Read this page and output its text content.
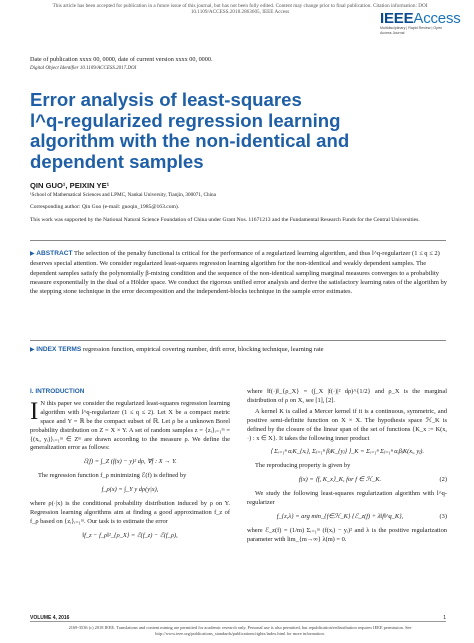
This article has been accepted for publication in a future issue of this journal, but has not been fully edited. Content may change prior to final publication. Citation information: DOI
10.1109/ACCESS.2018.2863605, IEEE Access	IEEEAccess
Multidisciplinary | Rapid Review | Open Access Journal
Date of publication xxxx 00, 0000, date of current version xxxx 00, 0000.
Digital Object Identifier 10.1109/ACCESS.2017.DOI
Error analysis of least-squares
l^q-regularized regression learning
algorithm with the non-identical and
dependent samples
QIN GUO¹, PEIXIN YE¹
¹School of Mathematical Sciences and LPMC, Nankai University, Tianjin, 300071, China
Corresponding author: Qin Guo (e-mail: guoqin_1985@163.com).
This work was supported by the National Natural Science Foundation of China under Grant Nos. 11671213 and the Fundamental Research Funds for the Central Universities.
▶ ABSTRACT The selection of the penalty functional is critical for the performance of a regularized learning algorithm, and thus l^q-regularizer (1 ≤ q ≤ 2) deserves special attention. We consider regularized least-squares regression learning algorithm for the non-identical and weakly dependent samples. The dependent samples satisfy the polynomially β-mixing condition and the sequence of the non-identical sampling marginal measures converges to a probability measure exponentially in the dual of a Hölder space. We conduct the rigorous unified error analysis and derive the satisfactory learning rates of the algorithm by the stepping stone technique in the error decomposition and the independent-blocks technique in the sample error estimates.
▶ INDEX TERMS regression function, empirical covering number, drift error, blocking technique, learning rate
I. INTRODUCTION
I N this paper we consider the regularized least-squares regression learning algorithm with l^q-regularizer (1 ≤ q ≤ 2). Let X be a compact metric space and Y = ℝ be the compact subset of ℝ. Let ρ be a unknown Borel probability distribution on Z = X × Y. A set of random samples z = {zᵢ}ᵢ₌₁ᵐ = {(xᵢ, yᵢ)}ᵢ₌₁ᵐ ∈ Zᵐ are drawn according to the measure ρ. We define the generalization error as follows:
ℰ(f) = ∫_Z (f(x) − y)² dρ, ∀f : X → Y.
The regression function f_ρ minimizing ℰ(f) is defined by
f_ρ(x) = ∫_Y y dρ(y|x),
where ρ(·|x) is the conditional probability distribution induced by ρ on Y. Regression learning algorithms aim at finding a good approximation f_z of f_ρ based on {zᵢ}ᵢ₌₁ᵐ. Our task is to estimate the error
‖f_z − f_ρ‖²_{ρ_X} = ℰ(f_z) − ℰ(f_ρ),
where ‖f(·)‖_{ρ_X} = (∫_X |f(·)|² dρ)^{1/2} and ρ_X is the marginal distribution of ρ on X, see [1], [2].
A kernel K is called a Mercer kernel if it is a continuous, symmetric, and positive semi-definite function on X × X. The hypothesis space ℋ_K is defined by the closure of the linear span of the set of functions {K_x := K(x, ·) : x ∈ X}. It takes the following inner product
⟨ Σᵢ₌₁ⁿ αᵢK_{xᵢ}, Σⱼ₌₁ⁿ βⱼK_{yⱼ} ⟩_K = Σᵢ₌₁ⁿ Σⱼ₌₁ⁿ αᵢβⱼK(xᵢ, yⱼ).
The reproducing property is given by
f(x) = ⟨f, K_x⟩_K, for f ∈ ℋ_K.	(2)
We study the following least-squares regularization algorithm with l^q-regularizer
f_{z,λ} = arg min_{f∈ℋ_K} {ℰ_z(f) + λ‖f‖^q_K},	(3)
where ℰ_z(f) = (1/m) Σᵢ₌₁ᵐ (f(xᵢ) − yᵢ)² and λ is the positive regularization parameter with lim_{m→∞} λ(m) = 0.
VOLUME 4, 2016	1
2169-3536 (c) 2018 IEEE. Translations and content mining are permitted for academic research only. Personal use is also permitted, but republication/redistribution requires IEEE permission. See
http://www.ieee.org/publications_standards/publications/rights/index.html for more information.
